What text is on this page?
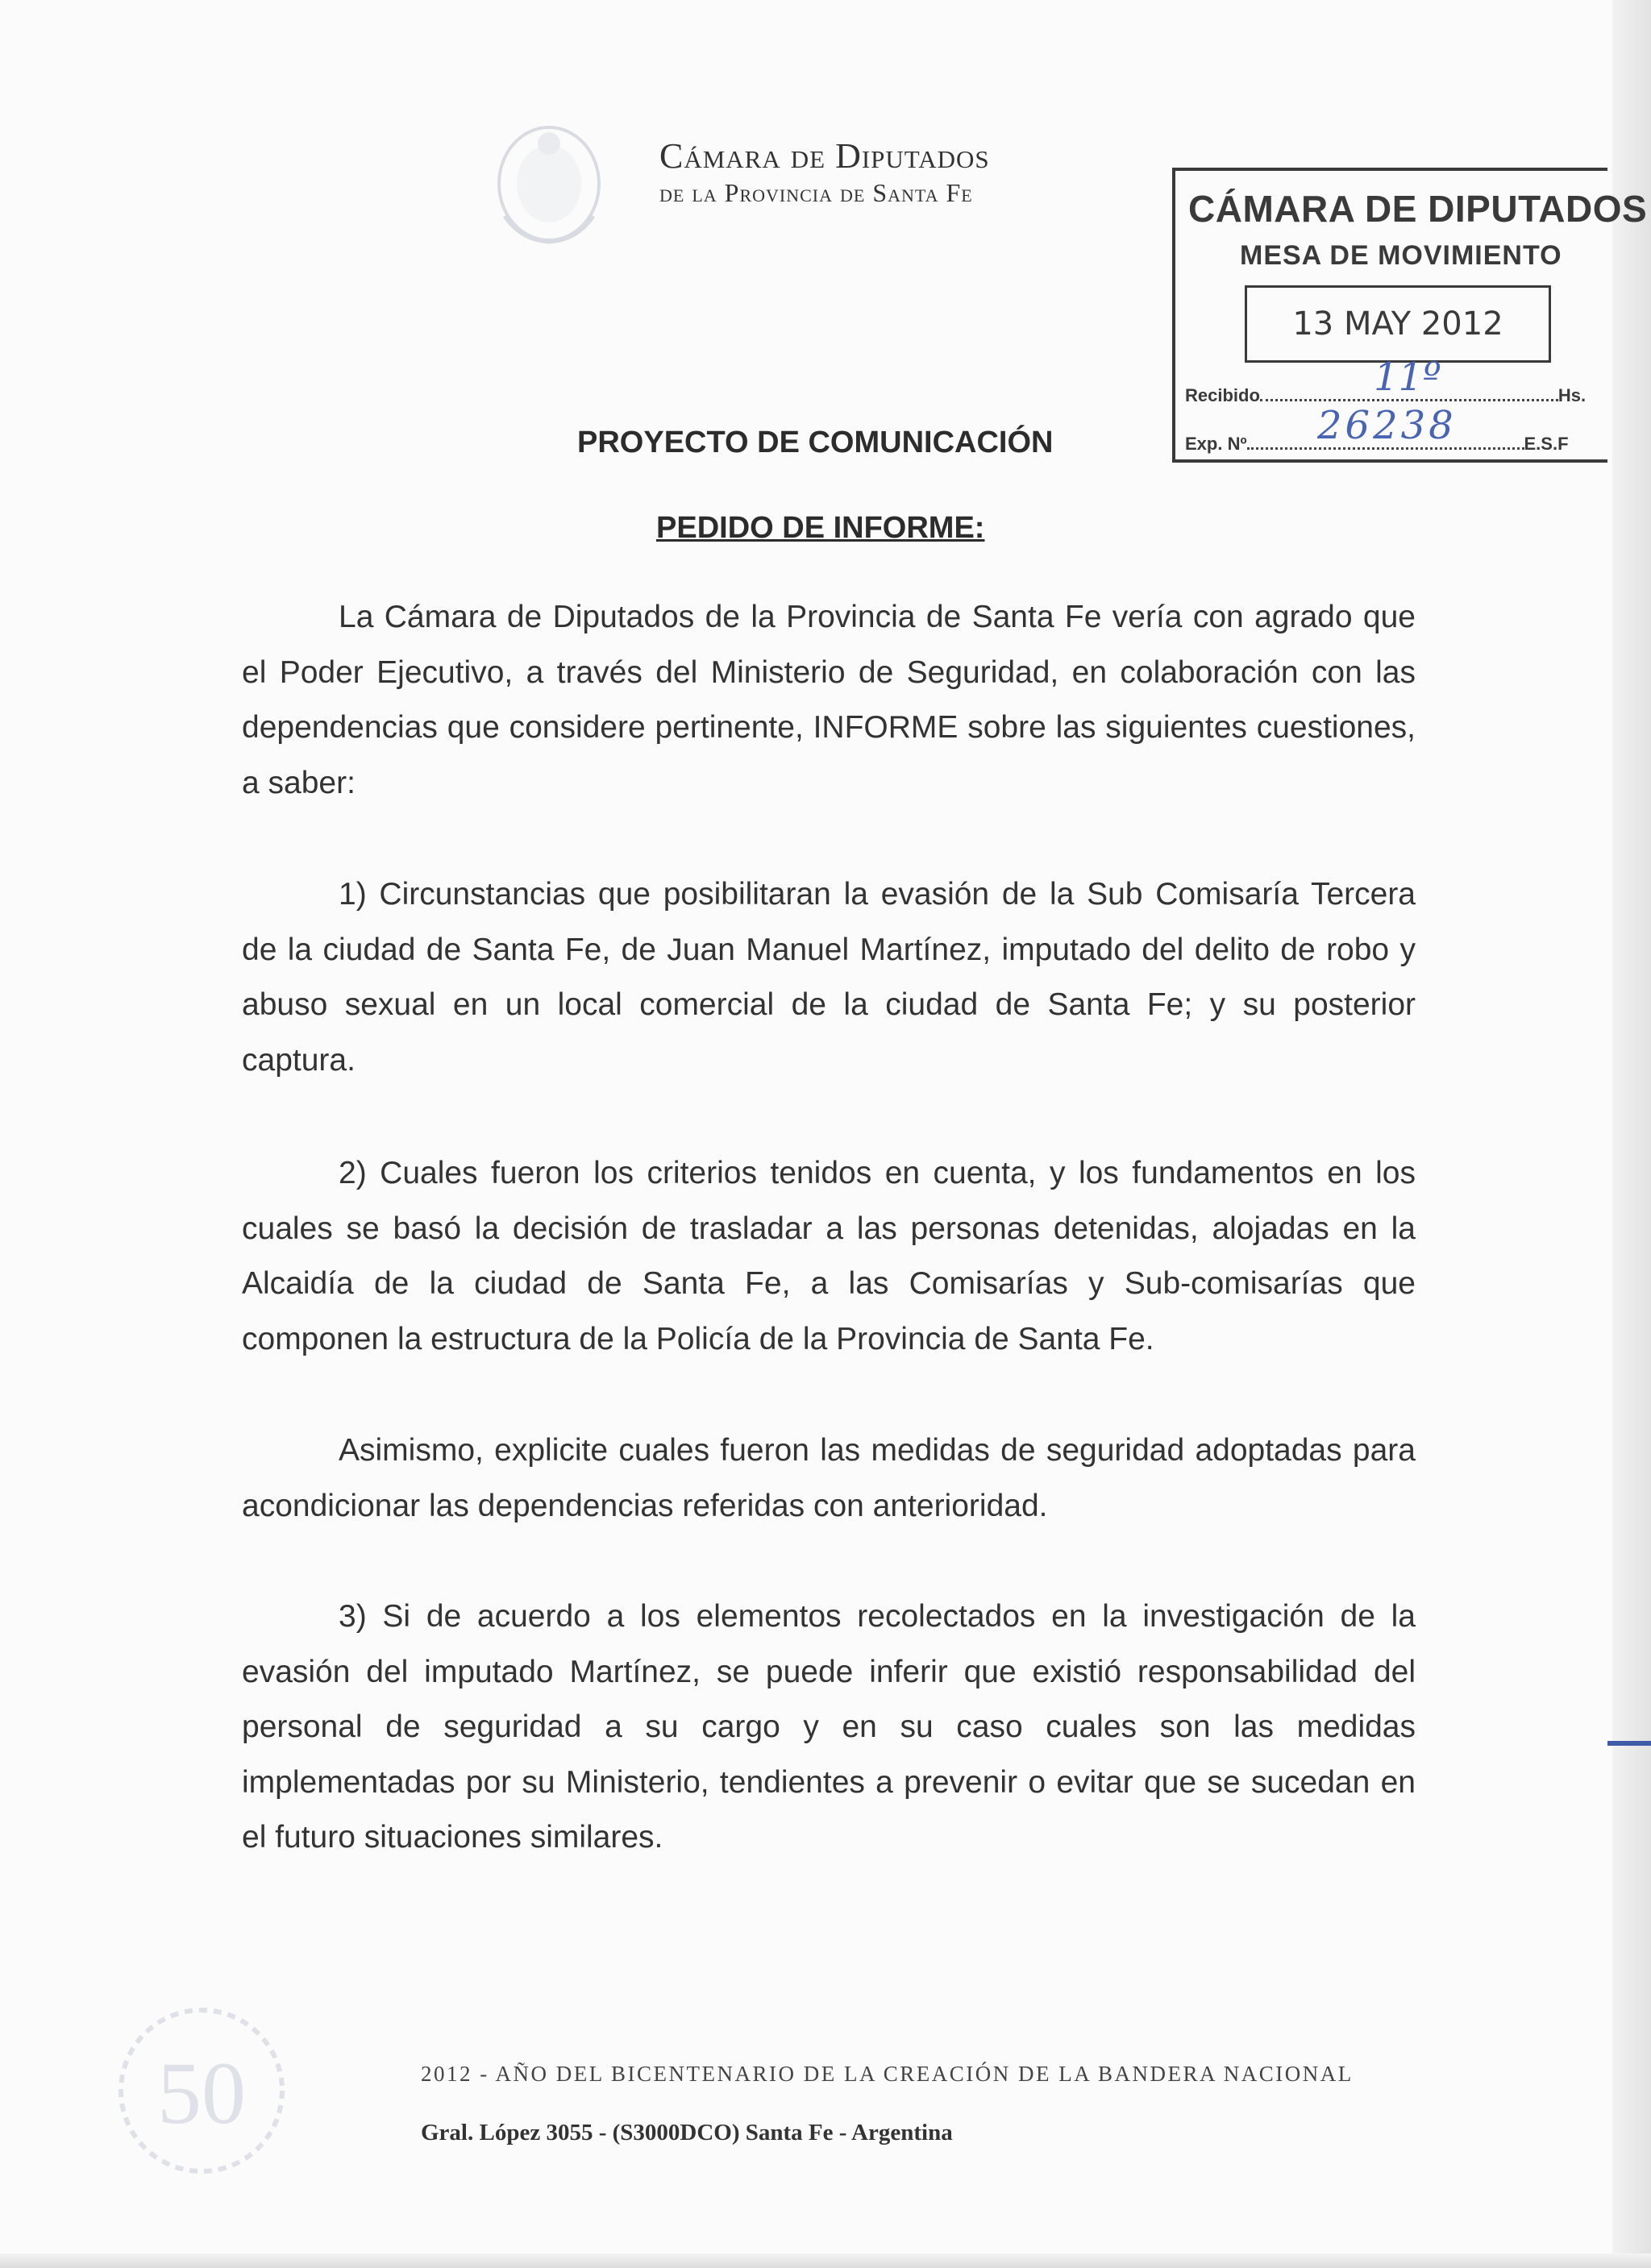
Cámara de Diputados
de la Provincia de Santa Fe	CÁMARA DE DIPUTADOS
MESA DE MOVIMIENTO
13 MAY 2012
Recibido	Hs.
11º
Exp. Nº	E.S.F
26238
PROYECTO DE COMUNICACIÓN
PEDIDO DE INFORME:

La Cámara de Diputados de la Provincia de Santa Fe vería con agrado que el Poder Ejecutivo, a través del Ministerio de Seguridad, en colaboración con las dependencias que considere pertinente, INFORME sobre las siguientes cuestiones, a saber:

1) Circunstancias que posibilitaran la evasión de la Sub Comisaría Tercera de la ciudad de Santa Fe, de Juan Manuel Martínez, imputado del delito de robo y abuso sexual en un local comercial de la ciudad de Santa Fe; y su posterior captura.

2) Cuales fueron los criterios tenidos en cuenta, y los fundamentos en los cuales se basó la decisión de trasladar a las personas detenidas, alojadas en la Alcaidía de la ciudad de Santa Fe, a las Comisarías y Sub-comisarías que componen la estructura de la Policía de la Provincia de Santa Fe.

Asimismo, explicite cuales fueron las medidas de seguridad adoptadas para acondicionar las dependencias referidas con anterioridad.

3) Si de acuerdo a los elementos recolectados en la investigación de la evasión del imputado Martínez, se puede inferir que existió responsabilidad del personal de seguridad a su cargo y en su caso cuales son las medidas implementadas por su Ministerio, tendientes a prevenir o evitar que se sucedan en el futuro situaciones similares.

50	2012 - AÑO DEL BICENTENARIO DE LA CREACIÓN DE LA BANDERA NACIONAL
Gral. López 3055 - (S3000DCO) Santa Fe - Argentina
